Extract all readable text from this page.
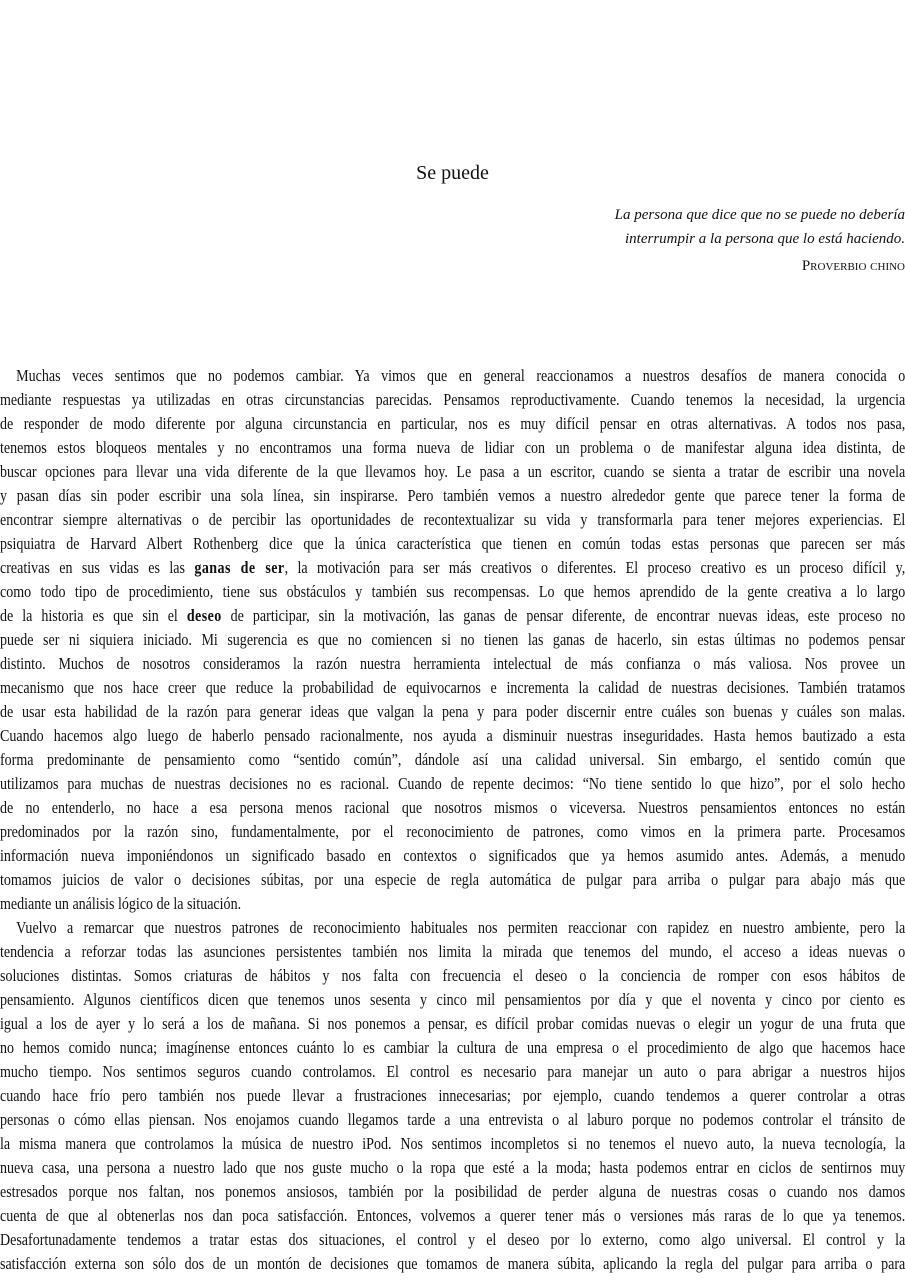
Se puede
La persona que dice que no se puede no debería
interrumpir a la persona que lo está haciendo.
Proverbio chino
Muchas veces sentimos que no podemos cambiar. Ya vimos que en general reaccionamos a nuestros desafíos de manera conocida o
mediante respuestas ya utilizadas en otras circunstancias parecidas. Pensamos reproductivamente. Cuando tenemos la necesidad, la urgencia
de responder de modo diferente por alguna circunstancia en particular, nos es muy difícil pensar en otras alternativas. A todos nos pasa,
tenemos estos bloqueos mentales y no encontramos una forma nueva de lidiar con un problema o de manifestar alguna idea distinta, de
buscar opciones para llevar una vida diferente de la que llevamos hoy. Le pasa a un escritor, cuando se sienta a tratar de escribir una novela
y pasan días sin poder escribir una sola línea, sin inspirarse. Pero también vemos a nuestro alrededor gente que parece tener la forma de
encontrar siempre alternativas o de percibir las oportunidades de recontextualizar su vida y transformarla para tener mejores experiencias. El
psiquiatra de Harvard Albert Rothenberg dice que la única característica que tienen en común todas estas personas que parecen ser más
creativas en sus vidas es las ganas de ser, la motivación para ser más creativos o diferentes. El proceso creativo es un proceso difícil y,
como todo tipo de procedimiento, tiene sus obstáculos y también sus recompensas. Lo que hemos aprendido de la gente creativa a lo largo
de la historia es que sin el deseo de participar, sin la motivación, las ganas de pensar diferente, de encontrar nuevas ideas, este proceso no
puede ser ni siquiera iniciado. Mi sugerencia es que no comiencen si no tienen las ganas de hacerlo, sin estas últimas no podemos pensar
distinto. Muchos de nosotros consideramos la razón nuestra herramienta intelectual de más confianza o más valiosa. Nos provee un
mecanismo que nos hace creer que reduce la probabilidad de equivocarnos e incrementa la calidad de nuestras decisiones. También tratamos
de usar esta habilidad de la razón para generar ideas que valgan la pena y para poder discernir entre cuáles son buenas y cuáles son malas.
Cuando hacemos algo luego de haberlo pensado racionalmente, nos ayuda a disminuir nuestras inseguridades. Hasta hemos bautizado a esta
forma predominante de pensamiento como “sentido común”, dándole así una calidad universal. Sin embargo, el sentido común que
utilizamos para muchas de nuestras decisiones no es racional. Cuando de repente decimos: “No tiene sentido lo que hizo”, por el solo hecho
de no entenderlo, no hace a esa persona menos racional que nosotros mismos o viceversa. Nuestros pensamientos entonces no están
predominados por la razón sino, fundamentalmente, por el reconocimiento de patrones, como vimos en la primera parte. Procesamos
información nueva imponiéndonos un significado basado en contextos o significados que ya hemos asumido antes. Además, a menudo
tomamos juicios de valor o decisiones súbitas, por una especie de regla automática de pulgar para arriba o pulgar para abajo más que
mediante un análisis lógico de la situación.
Vuelvo a remarcar que nuestros patrones de reconocimiento habituales nos permiten reaccionar con rapidez en nuestro ambiente, pero la
tendencia a reforzar todas las asunciones persistentes también nos limita la mirada que tenemos del mundo, el acceso a ideas nuevas o
soluciones distintas. Somos criaturas de hábitos y nos falta con frecuencia el deseo o la conciencia de romper con esos hábitos de
pensamiento. Algunos científicos dicen que tenemos unos sesenta y cinco mil pensamientos por día y que el noventa y cinco por ciento es
igual a los de ayer y lo será a los de mañana. Si nos ponemos a pensar, es difícil probar comidas nuevas o elegir un yogur de una fruta que
no hemos comido nunca; imagínense entonces cuánto lo es cambiar la cultura de una empresa o el procedimiento de algo que hacemos hace
mucho tiempo. Nos sentimos seguros cuando controlamos. El control es necesario para manejar un auto o para abrigar a nuestros hijos
cuando hace frío pero también nos puede llevar a frustraciones innecesarias; por ejemplo, cuando tendemos a querer controlar a otras
personas o cómo ellas piensan. Nos enojamos cuando llegamos tarde a una entrevista o al laburo porque no podemos controlar el tránsito de
la misma manera que controlamos la música de nuestro iPod. Nos sentimos incompletos si no tenemos el nuevo auto, la nueva tecnología, la
nueva casa, una persona a nuestro lado que nos guste mucho o la ropa que esté a la moda; hasta podemos entrar en ciclos de sentirnos muy
estresados porque nos faltan, nos ponemos ansiosos, también por la posibilidad de perder alguna de nuestras cosas o cuando nos damos
cuenta de que al obtenerlas nos dan poca satisfacción. Entonces, volvemos a querer tener más o versiones más raras de lo que ya tenemos.
Desafortunadamente tendemos a tratar estas dos situaciones, el control y el deseo por lo externo, como algo universal. El control y la
satisfacción externa son sólo dos de un montón de decisiones que tomamos de manera súbita, aplicando la regla del pulgar para arriba o para
